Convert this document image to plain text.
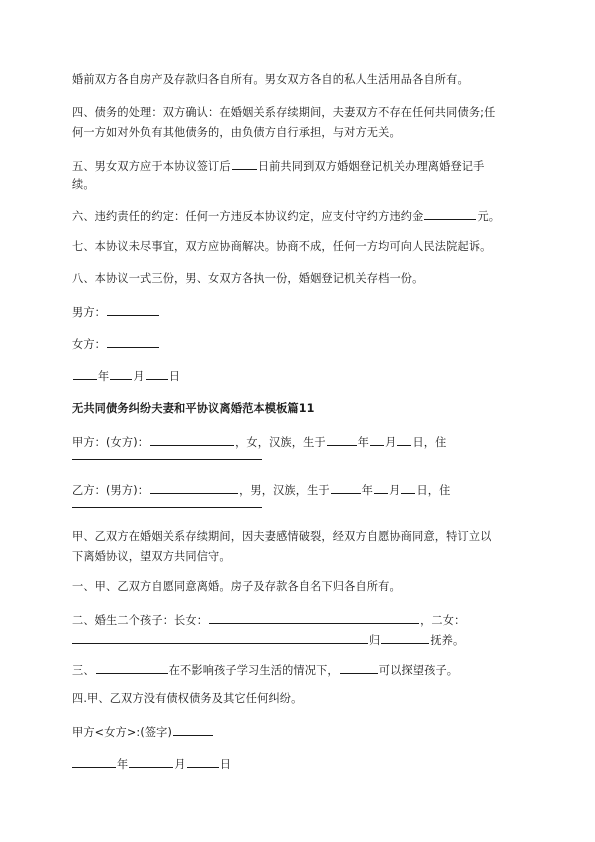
婚前双方各自房产及存款归各自所有。男女双方各自的私人生活用品各自所有。
四、债务的处理：双方确认：在婚姻关系存续期间，夫妻双方不存在任何共同债务;任
何一方如对外负有其他债务的，由负债方自行承担，与对方无关。
五、男女双方应于本协议签订后 日前共同到双方婚姻登记机关办理离婚登记手
续。
六、违约责任的约定：任何一方违反本协议约定，应支付守约方违约金	元。
七、本协议未尽事宜，双方应协商解决。协商不成，任何一方均可向人民法院起诉。
八、本协议一式三份，男、女双方各执一份，婚姻登记机关存档一份。
男方：
女方：
年 月 日
无共同债务纠纷夫妻和平协议离婚范本模板篇11
甲方：(女方)：	，女，汉族，生于	年 月 日，住
乙方：(男方)：	，男，汉族，生于	年 月 日，住
甲、乙双方在婚姻关系存续期间，因夫妻感情破裂，经双方自愿协商同意，特订立以
下离婚协议，望双方共同信守。
一、甲、乙双方自愿同意离婚。房子及存款各自名下归各自所有。
二、婚生二个孩子：长女：	，二女：
归	抚养。
三、	在不影响孩子学习生活的情况下，	可以探望孩子。
四.甲、乙双方没有债权债务及其它任何纠纷。
甲方<女方>:(签字)
年	月	日
